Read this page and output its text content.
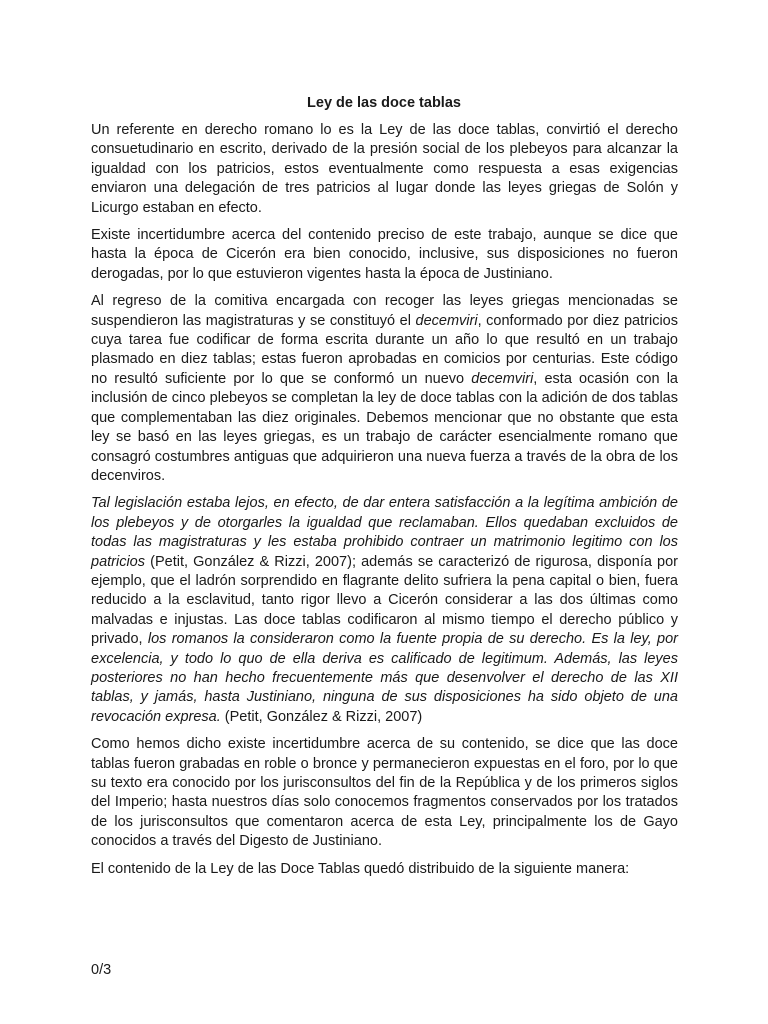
Ley de las doce tablas

Un referente en derecho romano lo es la Ley de las doce tablas, convirtió el derecho consuetudinario en escrito, derivado de la presión social de los plebeyos para alcanzar la igualdad con los patricios, estos eventualmente como respuesta a esas exigencias enviaron una delegación de tres patricios al lugar donde las leyes griegas de Solón y Licurgo estaban en efecto.

Existe incertidumbre acerca del contenido preciso de este trabajo, aunque se dice que hasta la época de Cicerón era bien conocido, inclusive, sus disposiciones no fueron derogadas, por lo que estuvieron vigentes hasta la época de Justiniano.

Al regreso de la comitiva encargada con recoger las leyes griegas mencionadas se suspendieron las magistraturas y se constituyó el decemviri, conformado por diez patricios cuya tarea fue codificar de forma escrita durante un año lo que resultó en un trabajo plasmado en diez tablas; estas fueron aprobadas en comicios por centurias. Este código no resultó suficiente por lo que se conformó un nuevo decemviri, esta ocasión con la inclusión de cinco plebeyos se completan la ley de doce tablas con la adición de dos tablas que complementaban las diez originales. Debemos mencionar que no obstante que esta ley se basó en las leyes griegas, es un trabajo de carácter esencialmente romano que consagró costumbres antiguas que adquirieron una nueva fuerza a través de la obra de los decenviros.

Tal legislación estaba lejos, en efecto, de dar entera satisfacción a la legítima ambición de los plebeyos y de otorgarles la igualdad que reclamaban. Ellos quedaban excluidos de todas las magistraturas y les estaba prohibido contraer un matrimonio legitimo con los patricios (Petit, González & Rizzi, 2007); además se caracterizó de rigurosa, disponía por ejemplo, que el ladrón sorprendido en flagrante delito sufriera la pena capital o bien, fuera reducido a la esclavitud, tanto rigor llevo a Cicerón considerar a las dos últimas como malvadas e injustas. Las doce tablas codificaron al mismo tiempo el derecho público y privado, los romanos la consideraron como la fuente propia de su derecho. Es la ley, por excelencia, y todo lo quo de ella deriva es calificado de legitimum. Además, las leyes posteriores no han hecho frecuentemente más que desenvolver el derecho de las XII tablas, y jamás, hasta Justiniano, ninguna de sus disposiciones ha sido objeto de una revocación expresa. (Petit, González & Rizzi, 2007)

Como hemos dicho existe incertidumbre acerca de su contenido, se dice que las doce tablas fueron grabadas en roble o bronce y permanecieron expuestas en el foro, por lo que su texto era conocido por los jurisconsultos del fin de la República y de los primeros siglos del Imperio; hasta nuestros días solo conocemos fragmentos conservados por los tratados de los jurisconsultos que comentaron acerca de esta Ley, principalmente los de Gayo conocidos a través del Digesto de Justiniano.

El contenido de la Ley de las Doce Tablas quedó distribuido de la siguiente manera:

0/3
